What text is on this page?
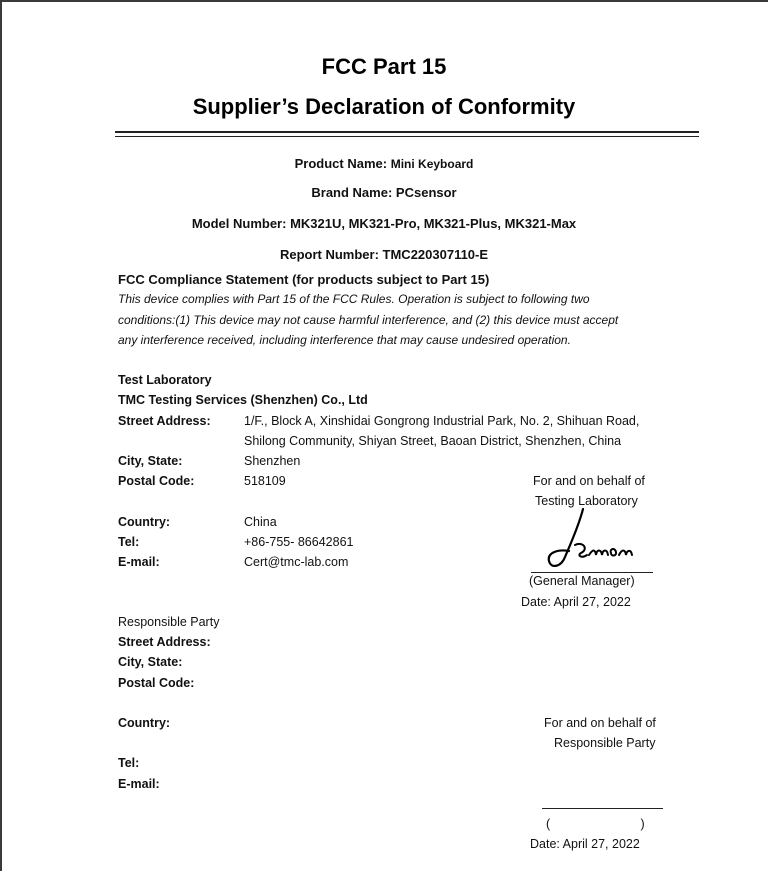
FCC Part 15
Supplier’s Declaration of Conformity
Product Name: Mini Keyboard
Brand Name: PCsensor
Model Number: MK321U, MK321-Pro, MK321-Plus, MK321-Max
Report Number: TMC220307110-E
FCC Compliance Statement (for products subject to Part 15)
This device complies with Part 15 of the FCC Rules. Operation is subject to following two
conditions:(1) This device may not cause harmful interference, and (2) this device must accept
any interference received, including interference that may cause undesired operation.
Test Laboratory
TMC Testing Services (Shenzhen) Co., Ltd
Street Address:	1/F., Block A, Xinshidai Gongrong Industrial Park, No. 2, Shihuan Road,
Shilong Community, Shiyan Street, Baoan District, Shenzhen, China
City, State:	Shenzhen
Postal Code:	518109
Country:	China
Tel:	+86-755- 86642861
E-mail:	Cert@tmc-lab.com
For and on behalf of
Testing Laboratory
(General Manager)
Date: April 27, 2022
Responsible Party
Street Address:
City, State:
Postal Code:
Country:
Tel:
E-mail:
For and on behalf of
Responsible Party
(                          )
Date: April 27, 2022
